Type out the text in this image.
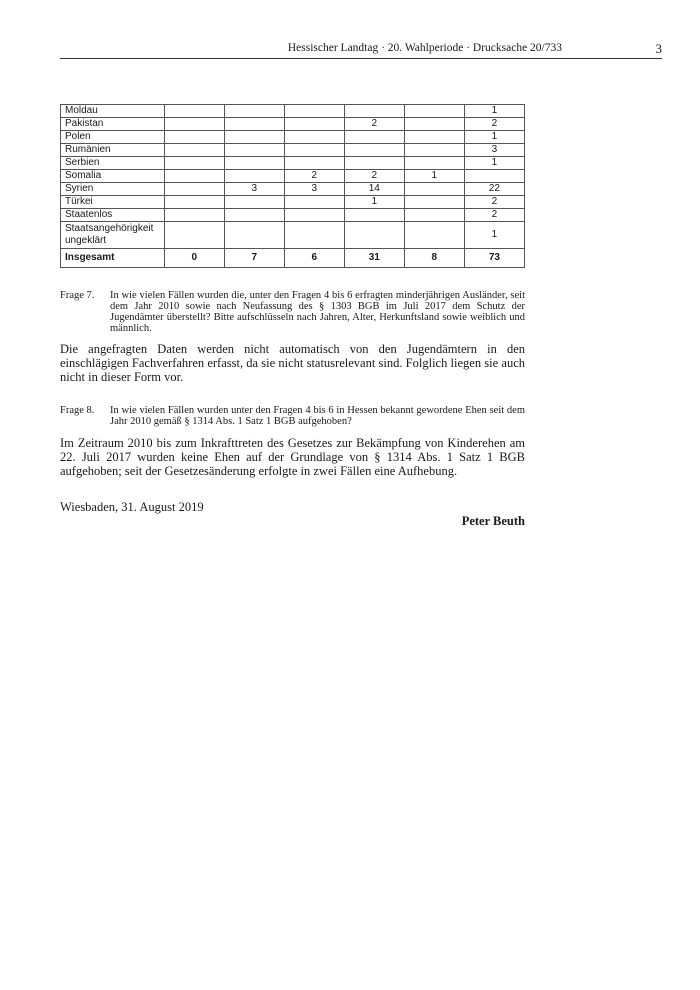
Hessischer Landtag · 20. Wahlperiode · Drucksache 20/733	3
Moldau						1
Pakistan				2		2
Polen						1
Rumänien						3
Serbien						1
Somalia			2	2	1	
Syrien		3	3	14		22
Türkei				1		2
Staatenlos						2
Staatsangehörigkeit ungeklärt						1
Insgesamt	0	7	6	31	8	73
Frage 7. In wie vielen Fällen wurden die, unter den Fragen 4 bis 6 erfragten minderjährigen Ausländer, seit dem Jahr 2010 sowie nach Neufassung des § 1303 BGB im Juli 2017 dem Schutz der Jugendämter überstellt? Bitte aufschlüsseln nach Jahren, Alter, Herkunftsland sowie weiblich und männlich.
Die angefragten Daten werden nicht automatisch von den Jugendämtern in den einschlägigen Fachverfahren erfasst, da sie nicht statusrelevant sind. Folglich liegen sie auch nicht in dieser Form vor.
Frage 8. In wie vielen Fällen wurden unter den Fragen 4 bis 6 in Hessen bekannt gewordene Ehen seit dem Jahr 2010 gemäß § 1314 Abs. 1 Satz 1 BGB aufgehoben?
Im Zeitraum 2010 bis zum Inkrafttreten des Gesetzes zur Bekämpfung von Kinderehen am 22. Juli 2017 wurden keine Ehen auf der Grundlage von § 1314 Abs. 1 Satz 1 BGB aufgehoben; seit der Gesetzesänderung erfolgte in zwei Fällen eine Aufhebung.
Wiesbaden, 31. August 2019
Peter Beuth
